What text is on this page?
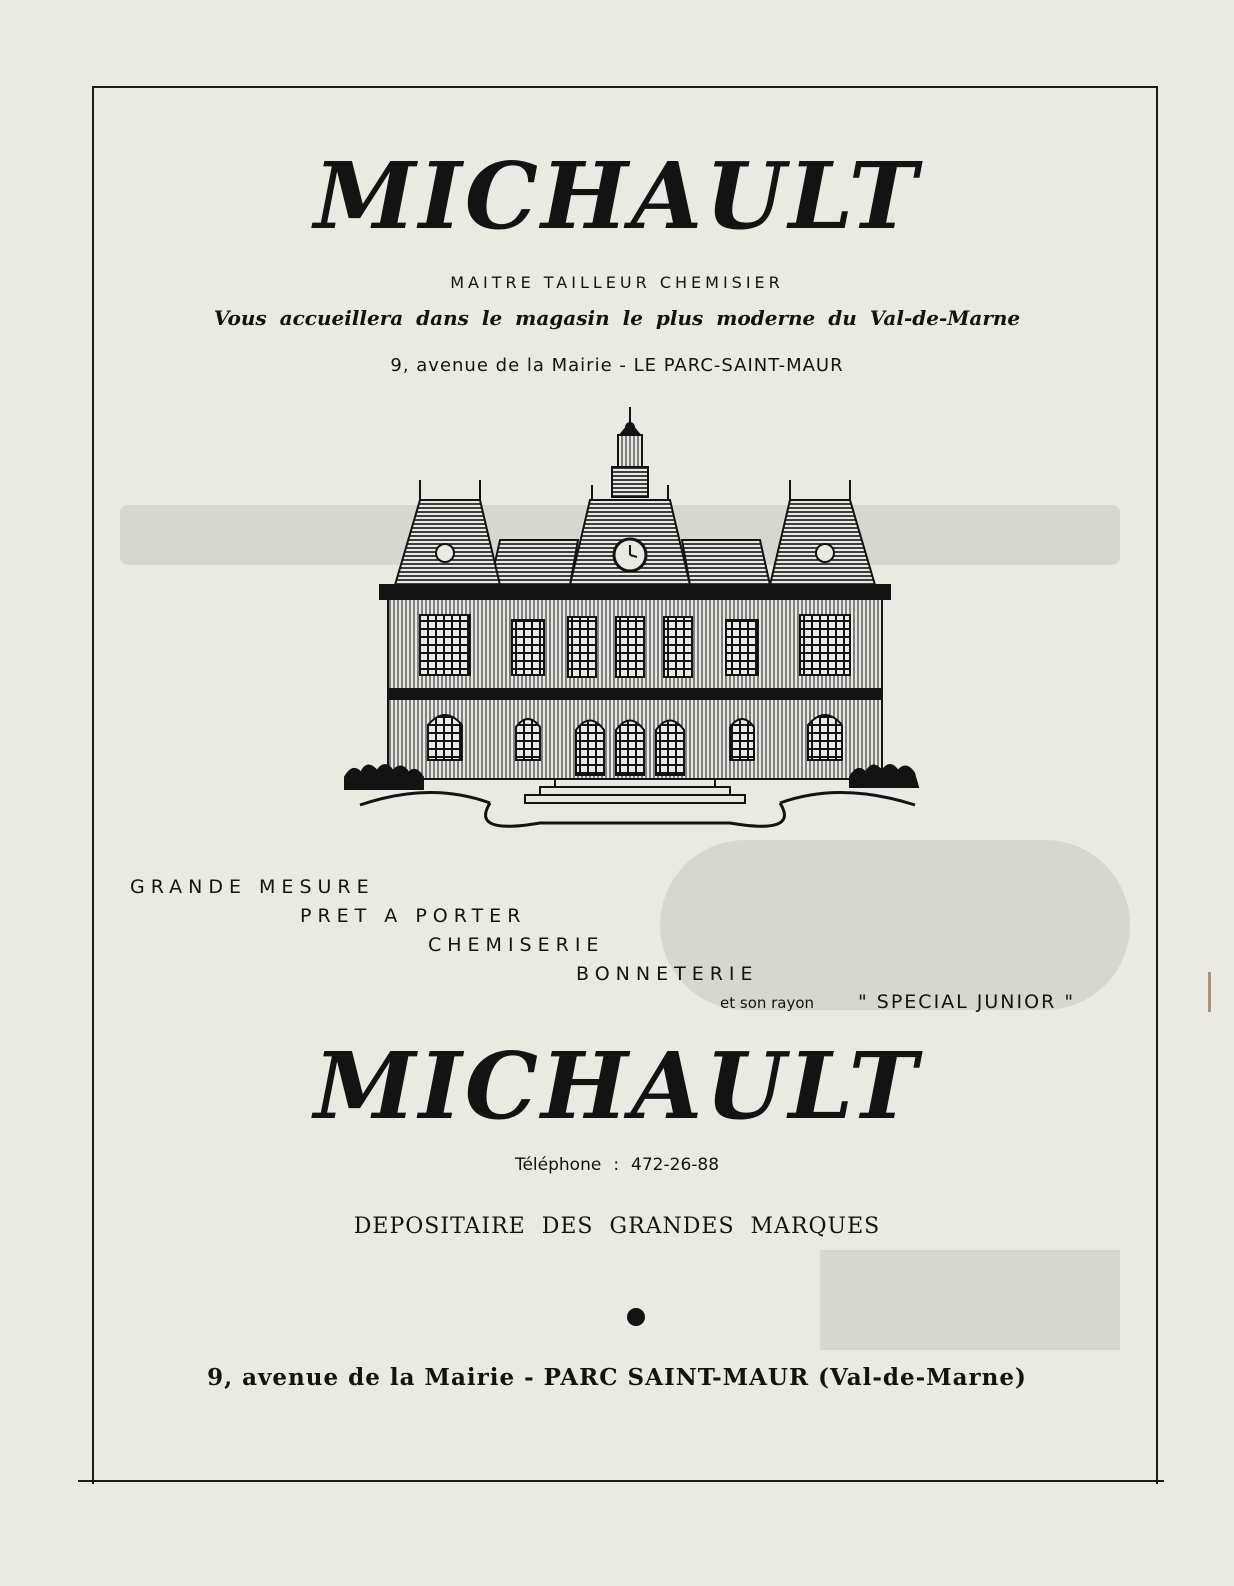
MICHAULT
MAITRE TAILLEUR CHEMISIER
Vous accueillera dans le magasin le plus moderne du Val-de-Marne
9, avenue de la Mairie - LE PARC-SAINT-MAUR
GRANDE MESURE
PRET A PORTER
CHEMISERIE
BONNETERIE
et son rayon " SPECIAL JUNIOR "
MICHAULT
Téléphone : 472-26-88
DEPOSITAIRE DES GRANDES MARQUES
9, avenue de la Mairie - PARC SAINT-MAUR (Val-de-Marne)
